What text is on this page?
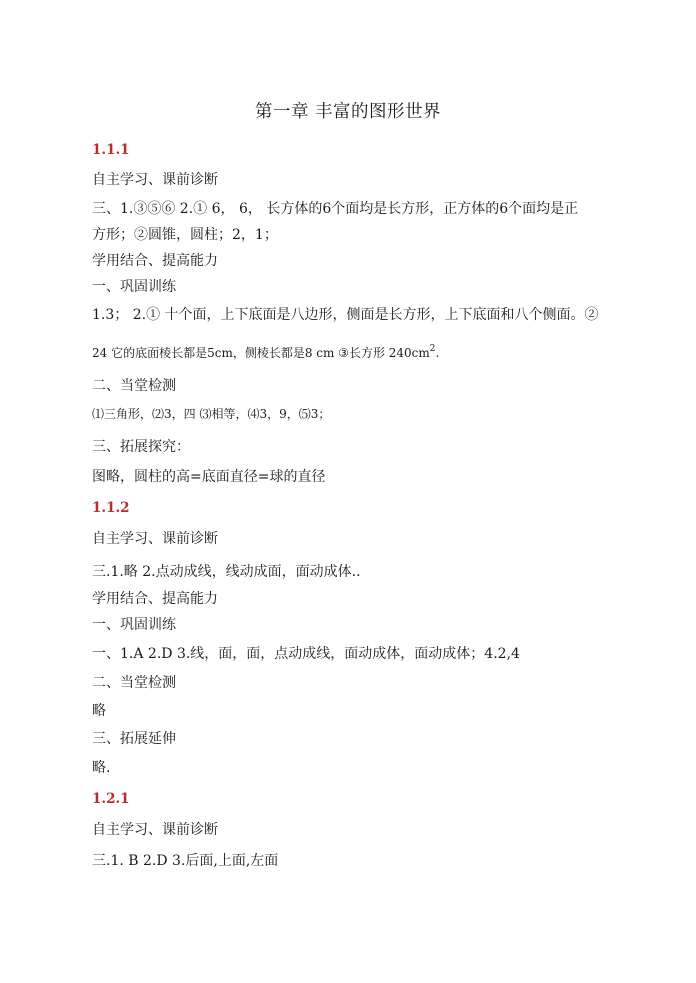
第一章 丰富的图形世界
1.1.1
自主学习、课前诊断
三、1.③⑤⑥ 2.① 6， 6， 长方体的6个面均是长方形，正方体的6个面均是正
方形；②圆锥，圆柱；2，1；
学用结合、提高能力
一、巩固训练
1.3； 2.① 十个面，上下底面是八边形，侧面是长方形，上下底面和八个侧面。②
24 它的底面棱长都是5cm，侧棱长都是8 cm ③长方形 $240cm^2$.
二、当堂检测
⑴三角形，⑵3，四 ⑶相等，⑷3，9，⑸3；
三、拓展探究：
图略，圆柱的高=底面直径=球的直径
1.1.2
自主学习、课前诊断
三.1.略 2.点动成线，线动成面，面动成体..
学用结合、提高能力
一、巩固训练
一、1.A 2.D 3.线，面，面，点动成线，面动成体，面动成体；4.2,4
二、当堂检测
略
三、拓展延伸
略.
1.2.1
自主学习、课前诊断
三.1. B 2.D 3.后面,上面,左面
